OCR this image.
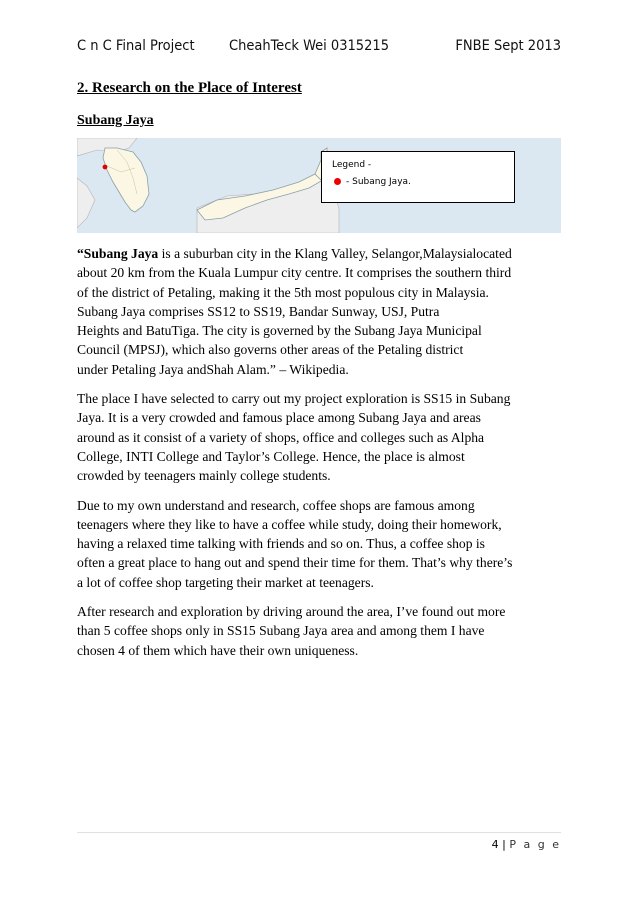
C n C Final Project CheahTeck Wei 0315215	FNBE Sept 2013
2. Research on the Place of Interest
Subang Jaya
Legend -
- Subang Jaya.

“Subang Jaya is a suburban city in the Klang Valley, Selangor,Malaysialocated
about 20 km from the Kuala Lumpur city centre. It comprises the southern third
of the district of Petaling, making it the 5th most populous city in Malaysia.
Subang Jaya comprises SS12 to SS19, Bandar Sunway, USJ, Putra
Heights and BatuTiga. The city is governed by the Subang Jaya Municipal
Council (MPSJ), which also governs other areas of the Petaling district
under Petaling Jaya andShah Alam.” – Wikipedia.

The place I have selected to carry out my project exploration is SS15 in Subang
Jaya. It is a very crowded and famous place among Subang Jaya and areas
around as it consist of a variety of shops, office and colleges such as Alpha
College, INTI College and Taylor’s College. Hence, the place is almost
crowded by teenagers mainly college students.

Due to my own understand and research, coffee shops are famous among
teenagers where they like to have a coffee while study, doing their homework,
having a relaxed time talking with friends and so on. Thus, a coffee shop is
often a great place to hang out and spend their time for them. That’s why there’s
a lot of coffee shop targeting their market at teenagers.

After research and exploration by driving around the area, I’ve found out more
than 5 coffee shops only in SS15 Subang Jaya area and among them I have
chosen 4 of them which have their own uniqueness.

4 | P a g e
